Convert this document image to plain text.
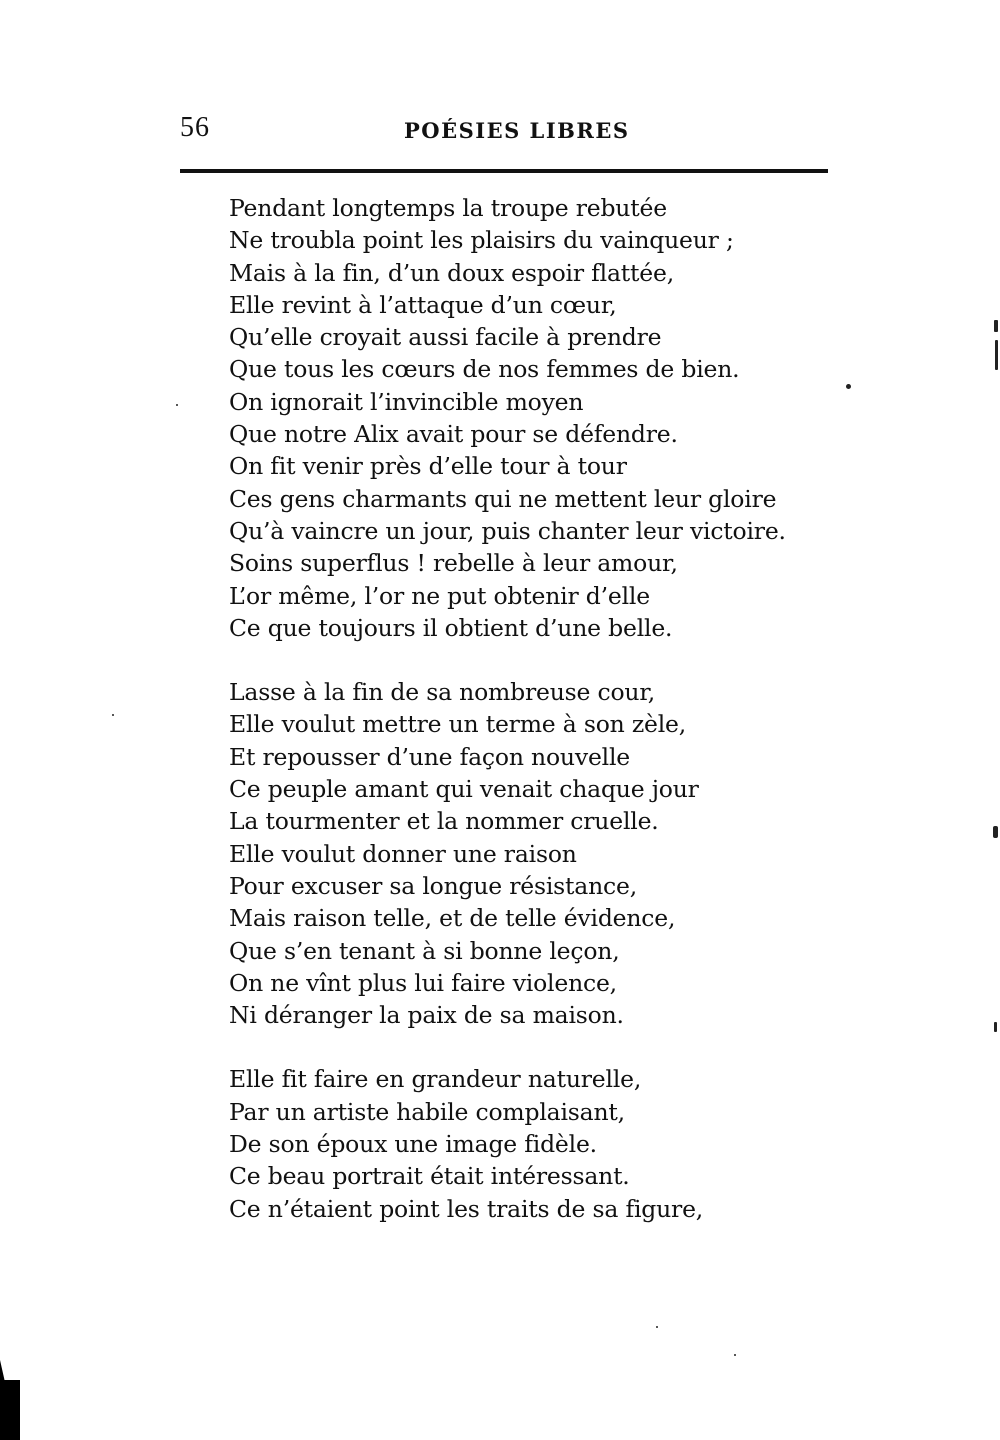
56	POÉSIES LIBRES
Pendant longtemps la troupe rebutée
Ne troubla point les plaisirs du vainqueur ;
Mais à la fin, d’un doux espoir flattée,
Elle revint à l’attaque d’un cœur,
Qu’elle croyait aussi facile à prendre
Que tous les cœurs de nos femmes de bien.
On ignorait l’invincible moyen
Que notre Alix avait pour se défendre.
On fit venir près d’elle tour à tour
Ces gens charmants qui ne mettent leur gloire
Qu’à vaincre un jour, puis chanter leur victoire.
Soins superflus ! rebelle à leur amour,
L’or même, l’or ne put obtenir d’elle
Ce que toujours il obtient d’une belle.
Lasse à la fin de sa nombreuse cour,
Elle voulut mettre un terme à son zèle,
Et repousser d’une façon nouvelle
Ce peuple amant qui venait chaque jour
La tourmenter et la nommer cruelle.
Elle voulut donner une raison
Pour excuser sa longue résistance,
Mais raison telle, et de telle évidence,
Que s’en tenant à si bonne leçon,
On ne vînt plus lui faire violence,
Ni déranger la paix de sa maison.
Elle fit faire en grandeur naturelle,
Par un artiste habile complaisant,
De son époux une image fidèle.
Ce beau portrait était intéressant.
Ce n’étaient point les traits de sa figure,
